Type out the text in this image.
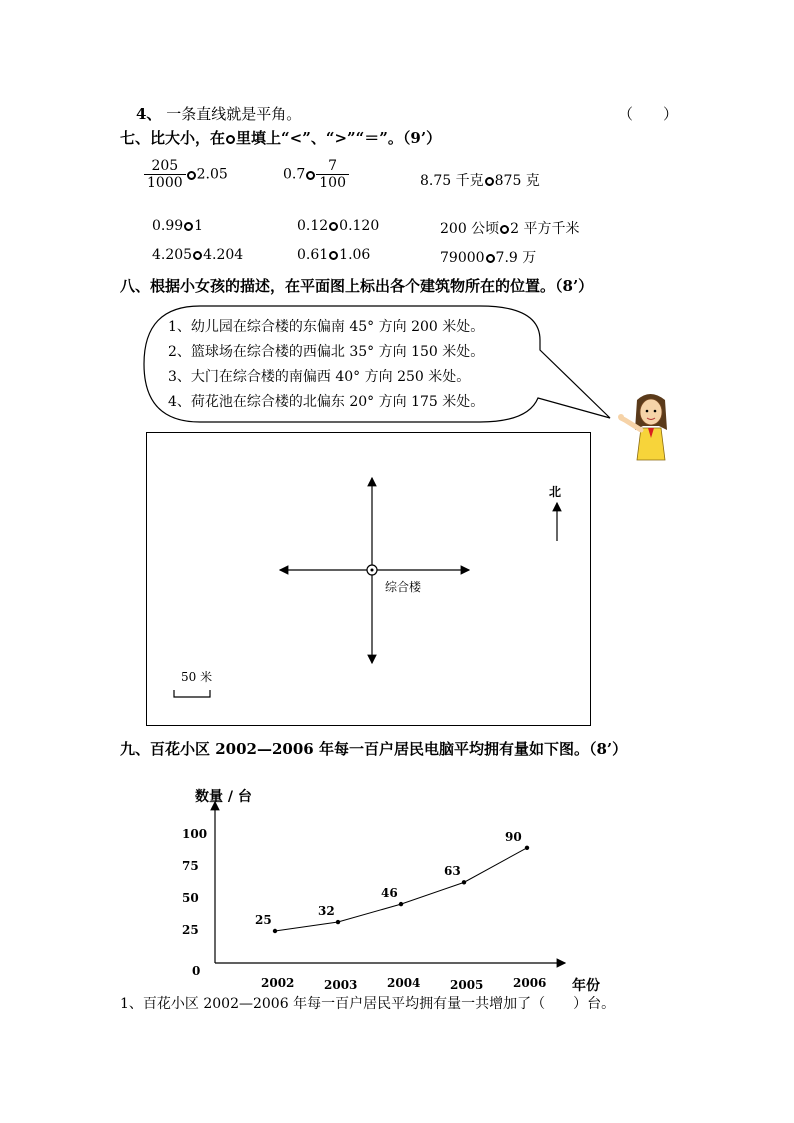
4、 一条直线就是平角。	（　　）
七、比大小，在 里填上“<”、“>”“＝”。（9’）
$\frac{205}{1000} 2.05$	$0.7 \frac{7}{100}$	8.75 千克 875 克
0.99 1	0.12 0.120	200 公顷 2 平方千米
4.205 4.204	0.61 1.06	79000 7.9 万
八、根据小女孩的描述，在平面图上标出各个建筑物所在的位置。（8’）
1、幼儿园在综合楼的东偏南 45° 方向 200 米处。
2、篮球场在综合楼的西偏北 35° 方向 150 米处。
3、大门在综合楼的南偏西 40° 方向 250 米处。
4、荷花池在综合楼的北偏东 20° 方向 175 米处。
综合楼
北
50 米
九、百花小区 2002—2006 年每一百户居民电脑平均拥有量如下图。（8’）
数量 / 台
年份
0
25
50
75
100
2002 2003 2004 2005 2006
25
32
46
63
90
1、百花小区 2002—2006 年每一百户居民平均拥有量一共增加了（　　）台。
